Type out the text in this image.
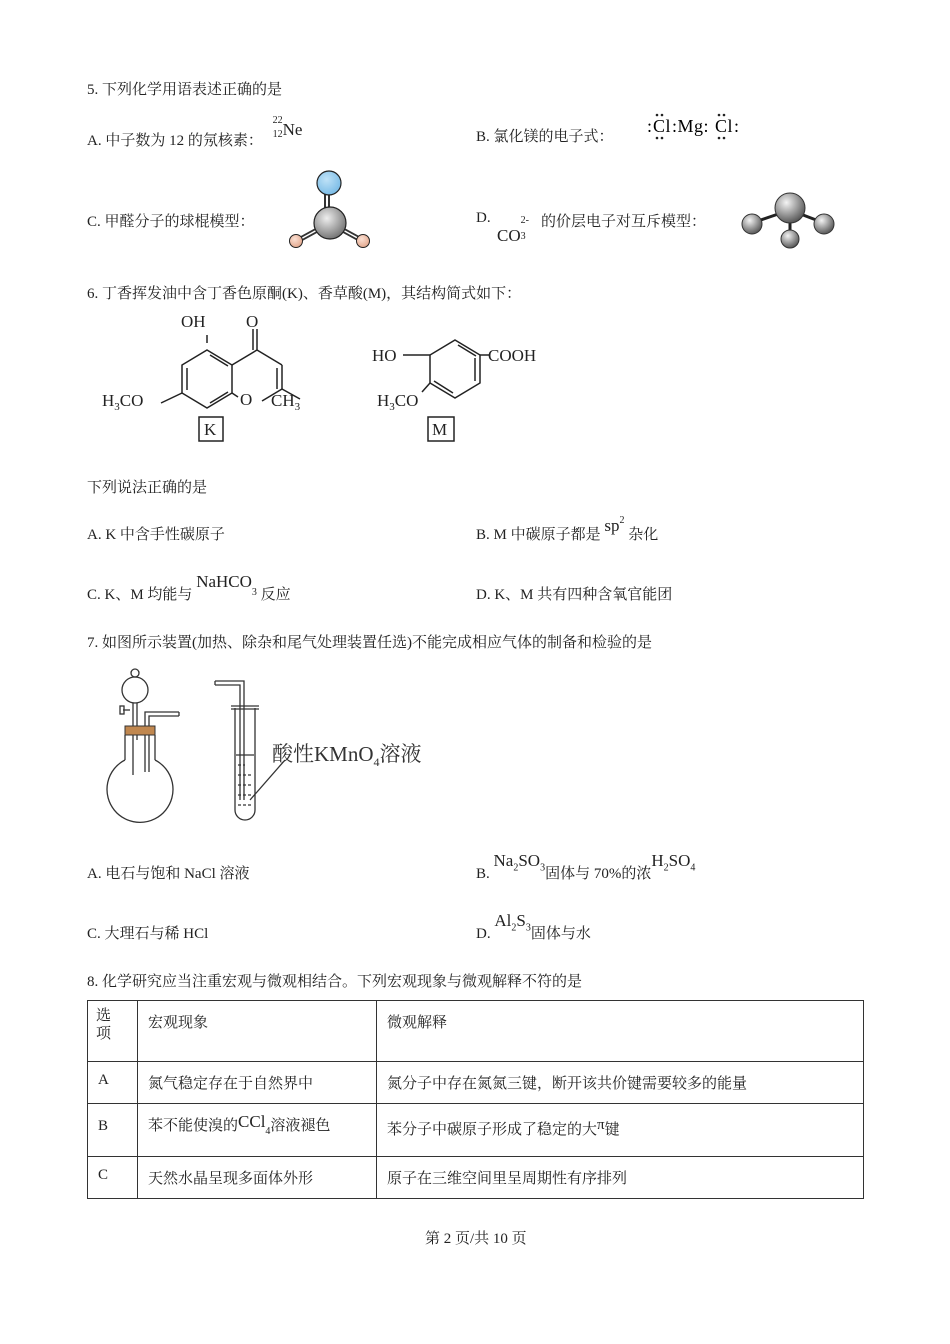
5. 下列化学用语表述正确的是
A. 中子数为 12 的氖核素：
22
12 Ne	B. 氯化镁的电子式：
: Cl :Mg: Cl :
C. 甲醛分子的球棍模型：	D.
CO
2-
3
的价层电子对互斥模型：
6. 丁香挥发油中含丁香色原酮(K)、香草酸(M)，其结构简式如下：
OH O
O
$H_3CO$	$CH_3$
K
HO	COOH
$H_3CO$
M
下列说法正确的是
A. K 中含手性碳原子	B. M 中碳原子都是 $sp^2$ 杂化
C. K、M 均能与 NaHCO$_3$ 反应	D. K、M 共有四种含氧官能团
7. 如图所示装置(加热、除杂和尾气处理装置任选)不能完成相应气体的制备和检验的是
酸性KMnO$_4$溶液
A. 电石与饱和 NaCl 溶液	B. $Na_2SO_3$固体与 70%的浓$H_2SO_4$
C. 大理石与稀 HCl	D. $Al_2S_3$固体与水
8. 化学研究应当注重宏观与微观相结合。下列宏观现象与微观解释不符的是
选项	宏观现象	微观解释
A	氮气稳定存在于自然界中	氮分子中存在氮氮三键，断开该共价键需要较多的能量
B	苯不能使溴的CCl$_4$溶液褪色	苯分子中碳原子形成了稳定的大π键
C	天然水晶呈现多面体外形	原子在三维空间里呈周期性有序排列
第 2 页/共 10 页
